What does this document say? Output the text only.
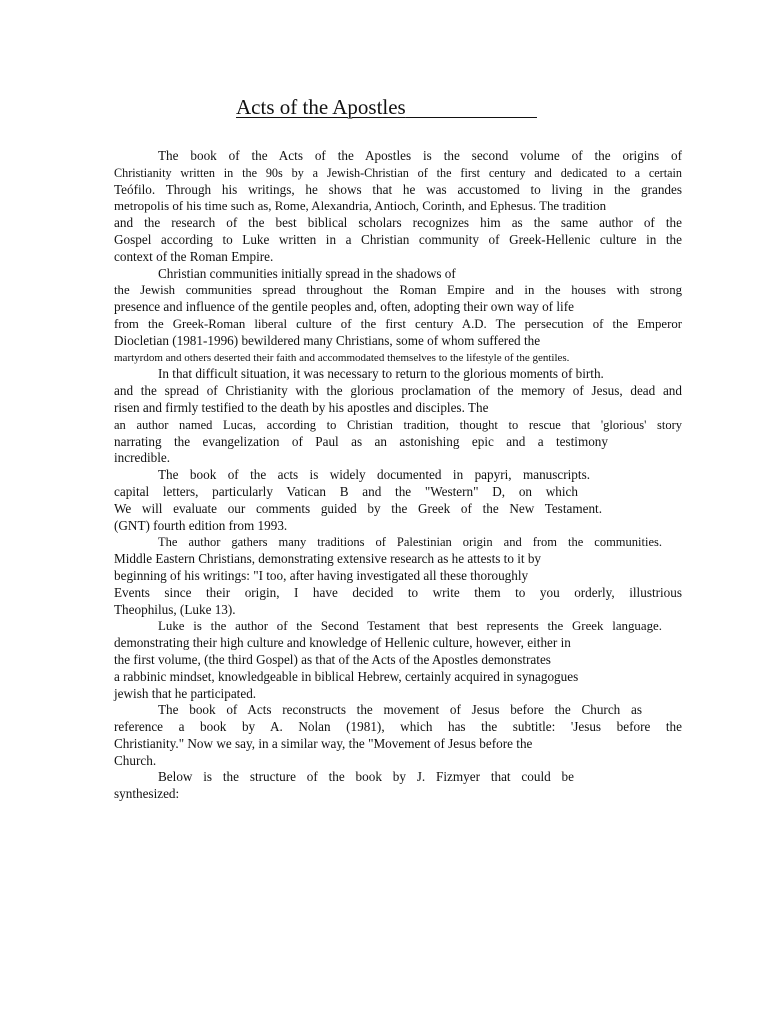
Acts of the Apostles
The book of the Acts of the Apostles is the second volume of the origins of
Christianity written in the 90s by a Jewish-Christian of the first century and dedicated to a certain
Teófilo. Through his writings, he shows that he was accustomed to living in the grandes
metropolis of his time such as, Rome, Alexandria, Antioch, Corinth, and Ephesus. The tradition
and the research of the best biblical scholars recognizes him as the same author of the
Gospel according to Luke written in a Christian community of Greek-Hellenic culture in the
context of the Roman Empire.
Christian communities initially spread in the shadows of
the Jewish communities spread throughout the Roman Empire and in the houses with strong
presence and influence of the gentile peoples and, often, adopting their own way of life
from the Greek-Roman liberal culture of the first century A.D. The persecution of the Emperor
Diocletian (1981-1996) bewildered many Christians, some of whom suffered the
martyrdom and others deserted their faith and accommodated themselves to the lifestyle of the gentiles.
In that difficult situation, it was necessary to return to the glorious moments of birth.
and the spread of Christianity with the glorious proclamation of the memory of Jesus, dead and
risen and firmly testified to the death by his apostles and disciples. The
an author named Lucas, according to Christian tradition, thought to rescue that 'glorious' story
narrating the evangelization of Paul as an astonishing epic and a testimony
incredible.
The book of the acts is widely documented in papyri, manuscripts.
capital letters, particularly Vatican B and the "Western" D, on which
We will evaluate our comments guided by the Greek of the New Testament.
(GNT) fourth edition from 1993.
The author gathers many traditions of Palestinian origin and from the communities.
Middle Eastern Christians, demonstrating extensive research as he attests to it by
beginning of his writings: "I too, after having investigated all these thoroughly
Events since their origin, I have decided to write them to you orderly, illustrious
Theophilus, (Luke 13).
Luke is the author of the Second Testament that best represents the Greek language.
demonstrating their high culture and knowledge of Hellenic culture, however, either in
the first volume, (the third Gospel) as that of the Acts of the Apostles demonstrates
a rabbinic mindset, knowledgeable in biblical Hebrew, certainly acquired in synagogues
jewish that he participated.
The book of Acts reconstructs the movement of Jesus before the Church as
reference a book by A. Nolan (1981), which has the subtitle: 'Jesus before the
Christianity." Now we say, in a similar way, the "Movement of Jesus before the
Church.
Below is the structure of the book by J. Fizmyer that could be
synthesized:
